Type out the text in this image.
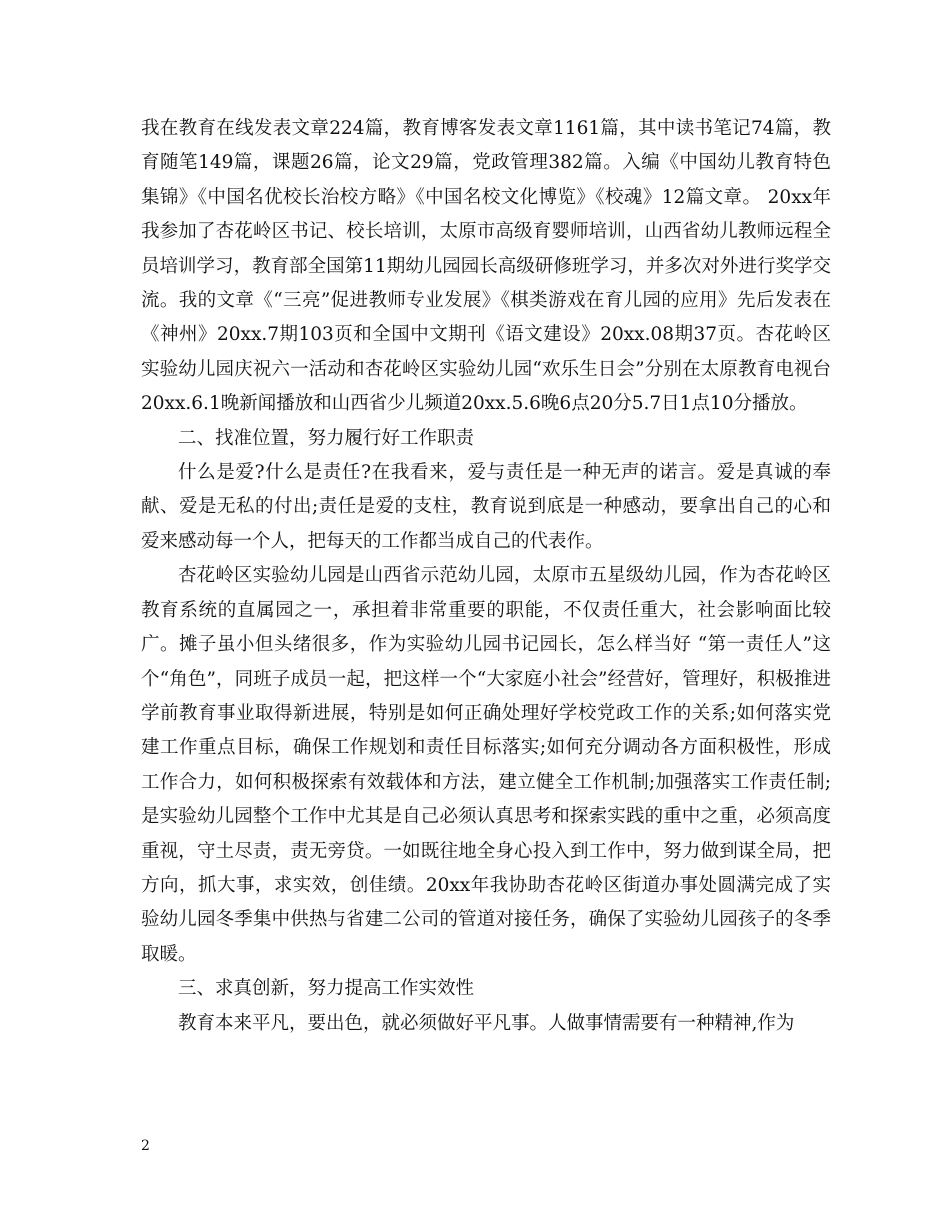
我在教育在线发表文章224篇，教育博客发表文章1161篇，其中读书笔记74篇，教育随笔149篇，课题26篇，论文29篇，党政管理382篇。入编《中国幼儿教育特色集锦》《中国名优校长治校方略》《中国名校文化博览》《校魂》12篇文章。 20xx年我参加了杏花岭区书记、校长培训，太原市高级育婴师培训，山西省幼儿教师远程全员培训学习，教育部全国第11期幼儿园园长高级研修班学习，并多次对外进行奖学交流。我的文章《“三亮”促进教师专业发展》《棋类游戏在育儿园的应用》先后发表在《神州》20xx.7期103页和全国中文期刊《语文建设》20xx.08期37页。杏花岭区实验幼儿园庆祝六一活动和杏花岭区实验幼儿园“欢乐生日会”分别在太原教育电视台20xx.6.1晚新闻播放和山西省少儿频道20xx.5.6晚6点20分5.7日1点10分播放。

二、找准位置，努力履行好工作职责

什么是爱?什么是责任?在我看来，爱与责任是一种无声的诺言。爱是真诚的奉献、爱是无私的付出;责任是爱的支柱，教育说到底是一种感动，要拿出自己的心和爱来感动每一个人，把每天的工作都当成自己的代表作。

杏花岭区实验幼儿园是山西省示范幼儿园，太原市五星级幼儿园，作为杏花岭区教育系统的直属园之一，承担着非常重要的职能，不仅责任重大，社会影响面比较广。摊子虽小但头绪很多，作为实验幼儿园书记园长，怎么样当好 “第一责任人”这个“角色”，同班子成员一起，把这样一个“大家庭小社会”经营好，管理好，积极推进学前教育事业取得新进展，特别是如何正确处理好学校党政工作的关系;如何落实党建工作重点目标，确保工作规划和责任目标落实;如何充分调动各方面积极性，形成工作合力，如何积极探索有效载体和方法，建立健全工作机制;加强落实工作责任制;是实验幼儿园整个工作中尤其是自己必须认真思考和探索实践的重中之重，必须高度重视，守土尽责，责无旁贷。一如既往地全身心投入到工作中，努力做到谋全局，把方向，抓大事，求实效，创佳绩。20xx年我协助杏花岭区街道办事处圆满完成了实验幼儿园冬季集中供热与省建二公司的管道对接任务，确保了实验幼儿园孩子的冬季取暖。

三、求真创新，努力提高工作实效性

教育本来平凡，要出色，就必须做好平凡事。人做事情需要有一种精神,作为

2
